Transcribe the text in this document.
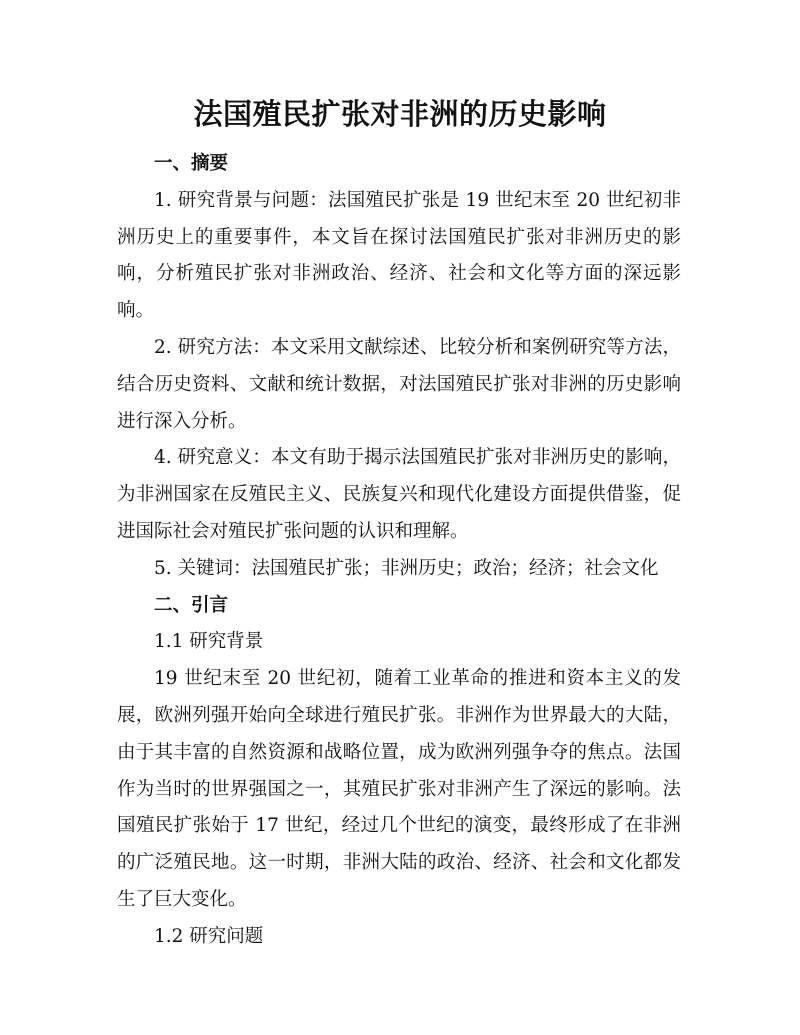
法国殖民扩张对非洲的历史影响

一、摘要

1. 研究背景与问题：法国殖民扩张是 19 世纪末至 20 世纪初非洲历史上的重要事件，本文旨在探讨法国殖民扩张对非洲历史的影响，分析殖民扩张对非洲政治、经济、社会和文化等方面的深远影响。

2. 研究方法：本文采用文献综述、比较分析和案例研究等方法，结合历史资料、文献和统计数据，对法国殖民扩张对非洲的历史影响进行深入分析。

4. 研究意义：本文有助于揭示法国殖民扩张对非洲历史的影响，为非洲国家在反殖民主义、民族复兴和现代化建设方面提供借鉴，促进国际社会对殖民扩张问题的认识和理解。

5. 关键词：法国殖民扩张；非洲历史；政治；经济；社会文化

二、引言

1.1 研究背景

19 世纪末至 20 世纪初，随着工业革命的推进和资本主义的发展，欧洲列强开始向全球进行殖民扩张。非洲作为世界最大的大陆，由于其丰富的自然资源和战略位置，成为欧洲列强争夺的焦点。法国作为当时的世界强国之一，其殖民扩张对非洲产生了深远的影响。法国殖民扩张始于 17 世纪，经过几个世纪的演变，最终形成了在非洲的广泛殖民地。这一时期，非洲大陆的政治、经济、社会和文化都发生了巨大变化。

1.2 研究问题
